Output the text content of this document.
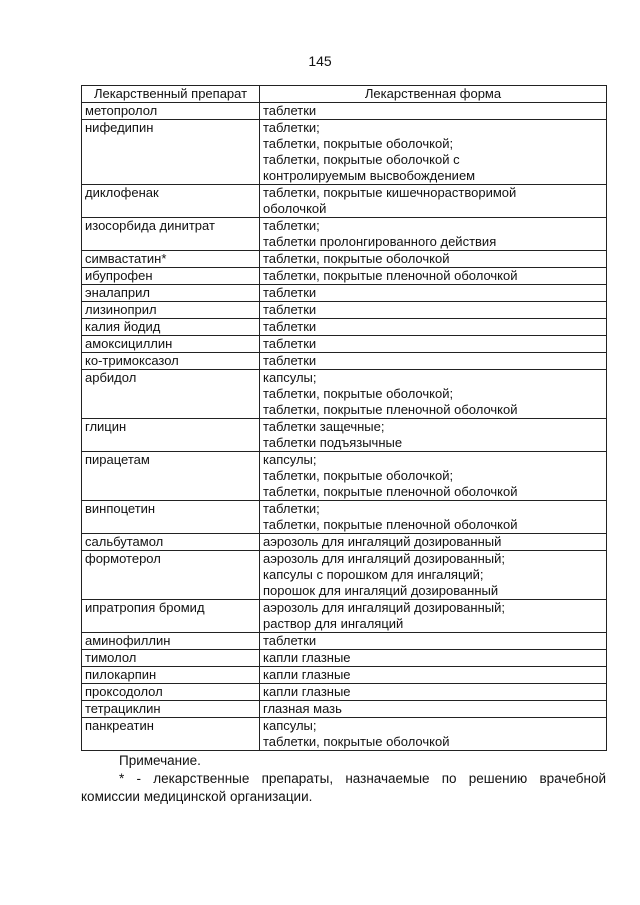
145
Лекарственный препарат	Лекарственная форма
метопролол	таблетки

нифедипин	таблетки;
таблетки, покрытые оболочкой;
таблетки, покрытые оболочкой с
контролируемым высвобождением

диклофенак	таблетки, покрытые кишечнорастворимой
оболочкой

изосорбида динитрат	таблетки;
таблетки пролонгированного действия

симвастатин*	таблетки, покрытые оболочкой

ибупрофен	таблетки, покрытые пленочной оболочкой

эналаприл	таблетки

лизиноприл	таблетки

калия йодид	таблетки

амоксициллин	таблетки

ко-тримоксазол	таблетки

арбидол	капсулы;
таблетки, покрытые оболочкой;
таблетки, покрытые пленочной оболочкой

глицин	таблетки защечные;
таблетки подъязычные

пирацетам	капсулы;
таблетки, покрытые оболочкой;
таблетки, покрытые пленочной оболочкой

винпоцетин	таблетки;
таблетки, покрытые пленочной оболочкой

сальбутамол	аэрозоль для ингаляций дозированный

формотерол	аэрозоль для ингаляций дозированный;
капсулы с порошком для ингаляций;
порошок для ингаляций дозированный

ипратропия бромид	аэрозоль для ингаляций дозированный;
раствор для ингаляций

аминофиллин	таблетки

тимолол	капли глазные

пилокарпин	капли глазные

проксодолол	капли глазные

тетрациклин	глазная мазь

панкреатин	капсулы;
таблетки, покрытые оболочкой
Примечание.
* - лекарственные препараты, назначаемые по решению врачебной
комиссии медицинской организации.
